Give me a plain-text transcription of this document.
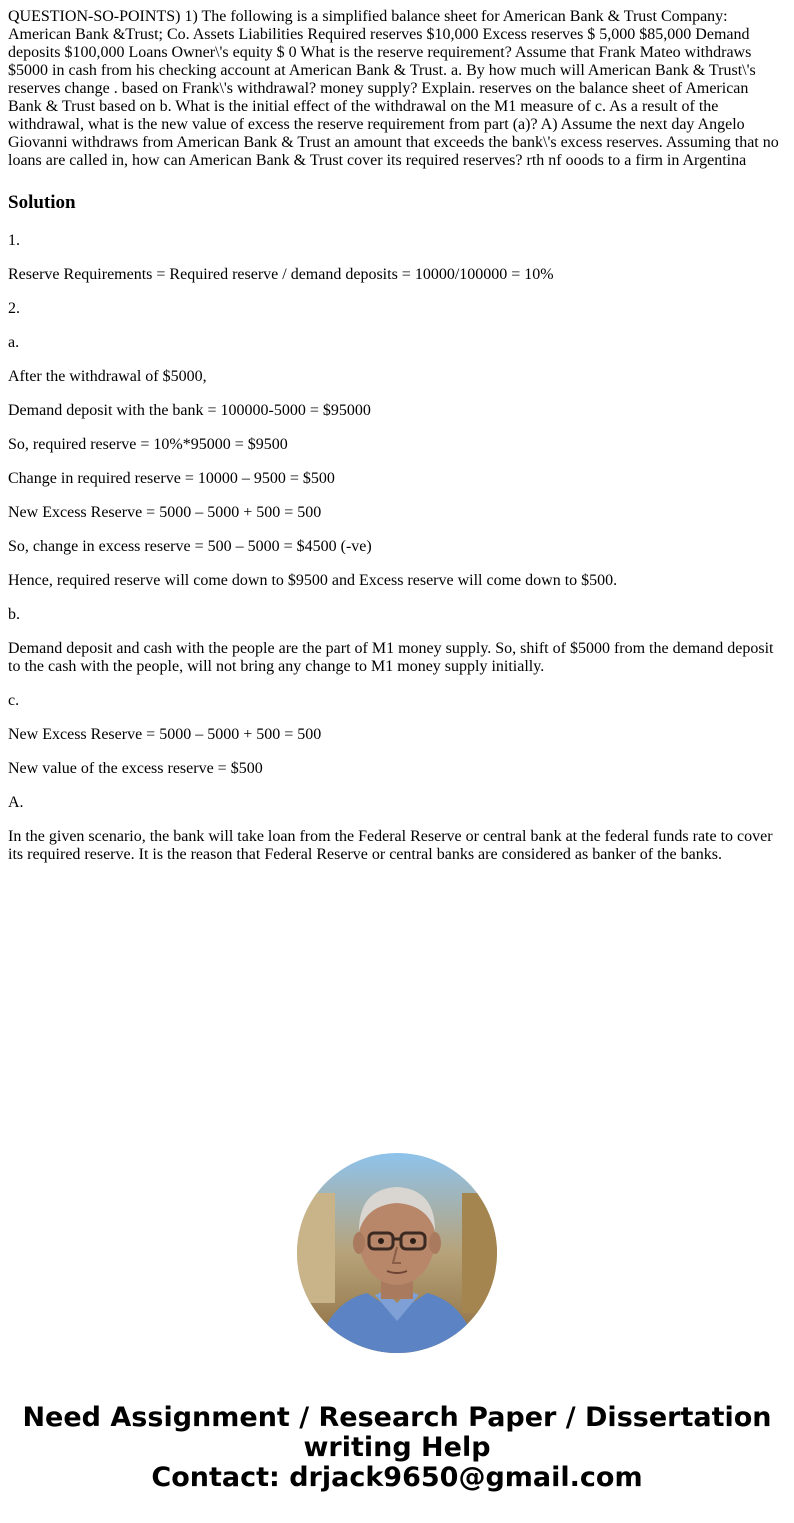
QUESTION-SO-POINTS) 1) The following is a simplified balance sheet for American Bank & Trust Company: American Bank &Trust; Co. Assets Liabilities Required reserves $10,000 Excess reserves $ 5,000 $85,000 Demand deposits $100,000 Loans Owner\'s equity $ 0 What is the reserve requirement? Assume that Frank Mateo withdraws $5000 in cash from his checking account at American Bank & Trust. a. By how much will American Bank & Trust\'s reserves change . based on Frank\'s withdrawal? money supply? Explain. reserves on the balance sheet of American Bank & Trust based on b. What is the initial effect of the withdrawal on the M1 measure of c. As a result of the withdrawal, what is the new value of excess the reserve requirement from part (a)? A) Assume the next day Angelo Giovanni withdraws from American Bank & Trust an amount that exceeds the bank\'s excess reserves. Assuming that no loans are called in, how can American Bank & Trust cover its required reserves? rth nf ooods to a firm in Argentina
Solution

1.

Reserve Requirements = Required reserve / demand deposits = 10000/100000 = 10%

2.

a.

After the withdrawal of $5000,

Demand deposit with the bank = 100000-5000 = $95000

So, required reserve = 10%*95000 = $9500

Change in required reserve = 10000 – 9500 = $500

New Excess Reserve = 5000 – 5000 + 500 = 500

So, change in excess reserve = 500 – 5000 = $4500 (-ve)

Hence, required reserve will come down to $9500 and Excess reserve will come down to $500.

b.

Demand deposit and cash with the people are the part of M1 money supply. So, shift of $5000 from the demand deposit to the cash with the people, will not bring any change to M1 money supply initially.

c.

New Excess Reserve = 5000 – 5000 + 500 = 500

New value of the excess reserve = $500

A.

In the given scenario, the bank will take loan from the Federal Reserve or central bank at the federal funds rate to cover its required reserve. It is the reason that Federal Reserve or central banks are considered as banker of the banks.

Need Assignment / Research Paper / Dissertation
writing Help
Contact: drjack9650@gmail.com
